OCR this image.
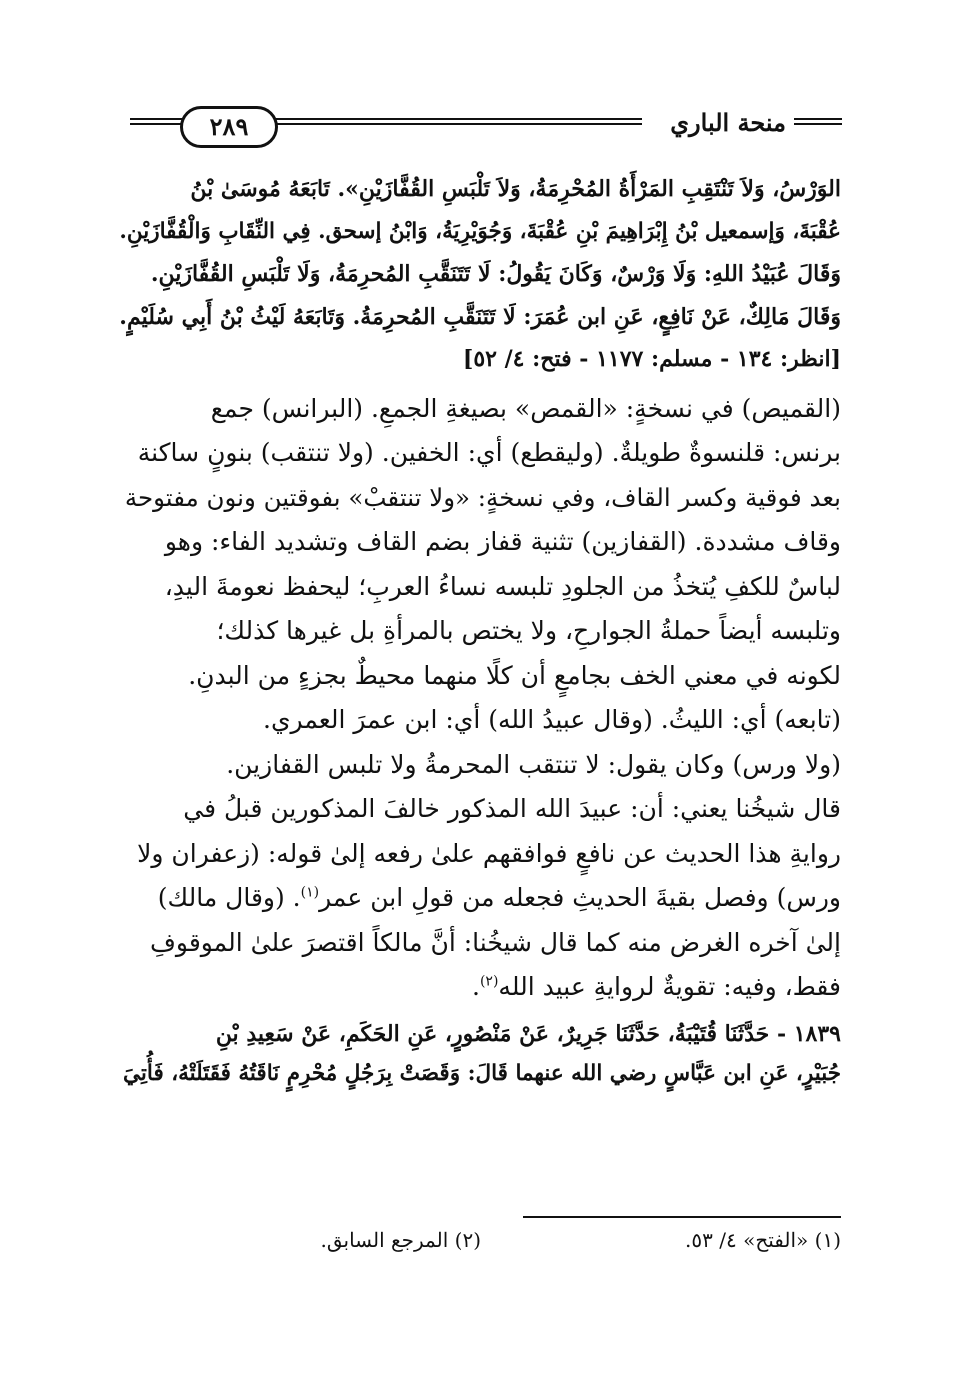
منحة الباري
٢٨٩

الوَرْسُ، وَلاَ تَنْتَقِبِ المَرْأَةُ المُحْرِمَةُ، وَلاَ تَلْبَسِ القُفَّازَيْنِ». تَابَعَهُ مُوسَىٰ بْنُ

عُقْبَةَ، وَإسمعيل بْنُ إِبْرَاهِيمَ بْنِ عُقْبَةَ، وَجُوَيْرِيَةُ، وَابْنُ إسحق. فِي النِّقَابِ وَالْقُفَّازَيْنِ.

وَقَالَ عُبَيْدُ اللهِ: وَلَا وَرْسٌ، وَكَانَ يَقُولُ: لَا تَتَنَقَّبِ المُحرِمَةُ، وَلَا تَلْبَسِ القُفَّازَيْنِ.

وَقَالَ مَالِكٌ، عَنْ نَافِعٍ، عَنِ ابن عُمَرَ: لَا تَتَنَقَّبِ المُحرِمَةُ. وَتَابَعَهُ لَيْثُ بْنُ أَبِي سُلَيْمٍ.

[انظر: ١٣٤ - مسلم: ١١٧٧ - فتح: ٤/ ٥٢]

(القميص) في نسخةٍ: «القمص» بصيغةِ الجمعِ. (البرانس) جمع

برنس: قلنسوةٌ طويلةٌ. (وليقطع) أي: الخفين. (ولا تنتقب) بنونٍ ساكنة

بعد فوقية وكسر القاف، وفي نسخةٍ: «ولا تنتقبْ» بفوقتين ونون مفتوحة

وقاف مشددة. (القفازين) تثنية قفاز بضم القاف وتشديد الفاء: وهو

لباسٌ للكفِ يُتخذُ من الجلودِ تلبسه نساءُ العربِ؛ ليحفظ نعومةَ اليدِ،

وتلبسه أيضاً حملةُ الجوارحِ، ولا يختص بالمرأةِ بل غيرها كذلك؛

لكونه في معني الخف بجامعٍ أن كلًا منهما محيطٌ بجزءٍ من البدنِ.

(تابعه) أي: الليثُ. (وقال عبيدُ الله) أي: ابن عمرَ العمري.

(ولا ورس) وكان يقول: لا تنتقب المحرمةُ ولا تلبس القفازين.

قال شيخُنا يعني: أن: عبيدَ الله المذكور خالفَ المذكورين قبلُ في

روايةِ هذا الحديث عن نافعٍ فوافقهم علىٰ رفعه إلىٰ قوله: (زعفران ولا

ورس) وفصل بقيةَ الحديثِ فجعله من قولِ ابن عمر$^{(١)}$. (وقال مالك)

إلىٰ آخره الغرض منه كما قال شيخُنا: أنَّ مالكاً اقتصرَ علىٰ الموقوفِ

فقط، وفيه: تقويةٌ لروايةِ عبيد الله$^{(٢)}$.

١٨٣٩ - حَدَّثَنَا قُتَيْبَةُ، حَدَّثَنَا جَرِيرٌ، عَنْ مَنْصُورٍ، عَنِ الحَكَمِ، عَنْ سَعِيدِ بْنِ

جُبَيْرٍ، عَنِ ابن عَبَّاسٍ رضي الله عنهما قَالَ: وَقَصَتْ بِرَجُلٍ مُحْرِمٍ نَاقَتُهُ فَقَتَلَتْهُ، فَأُتِيَ

(١) «الفتح» ٤/ ٥٣.
(٢) المرجع السابق.
